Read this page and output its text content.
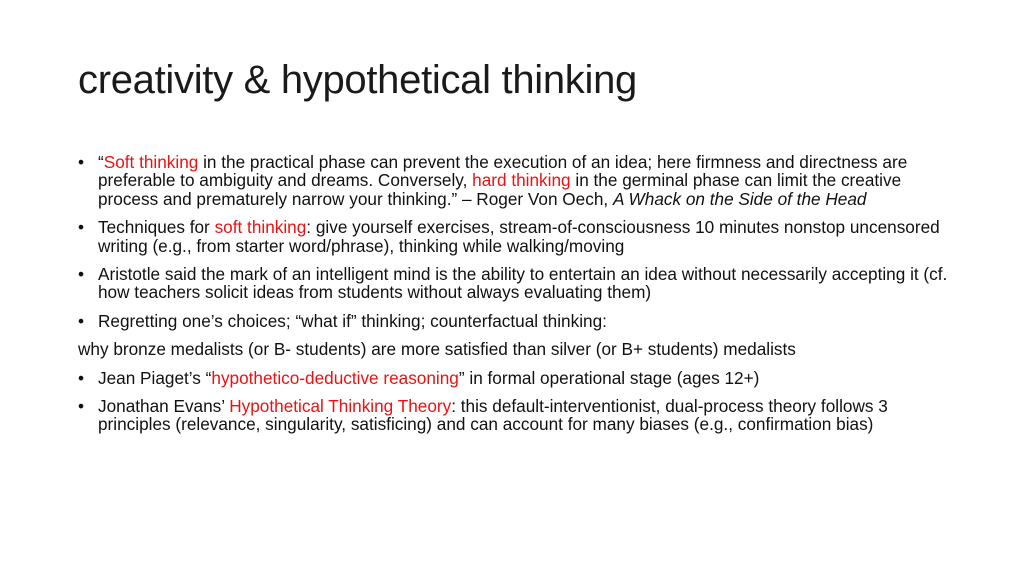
creativity & hypothetical thinking
• “Soft thinking in the practical phase can prevent the execution of an idea; here firmness and directness are preferable to ambiguity and dreams. Conversely, hard thinking in the germinal phase can limit the creative process and prematurely narrow your thinking.” – Roger Von Oech, A Whack on the Side of the Head
• Techniques for soft thinking: give yourself exercises, stream-of-consciousness 10 minutes nonstop uncensored writing (e.g., from starter word/phrase), thinking while walking/moving
• Aristotle said the mark of an intelligent mind is the ability to entertain an idea without necessarily accepting it (cf. how teachers solicit ideas from students without always evaluating them)
• Regretting one’s choices; “what if” thinking; counterfactual thinking:
why bronze medalists (or B- students) are more satisfied than silver (or B+ students) medalists
• Jean Piaget’s “hypothetico-deductive reasoning” in formal operational stage (ages 12+)
• Jonathan Evans’ Hypothetical Thinking Theory: this default-interventionist, dual-process theory follows 3 principles (relevance, singularity, satisficing) and can account for many biases (e.g., confirmation bias)
